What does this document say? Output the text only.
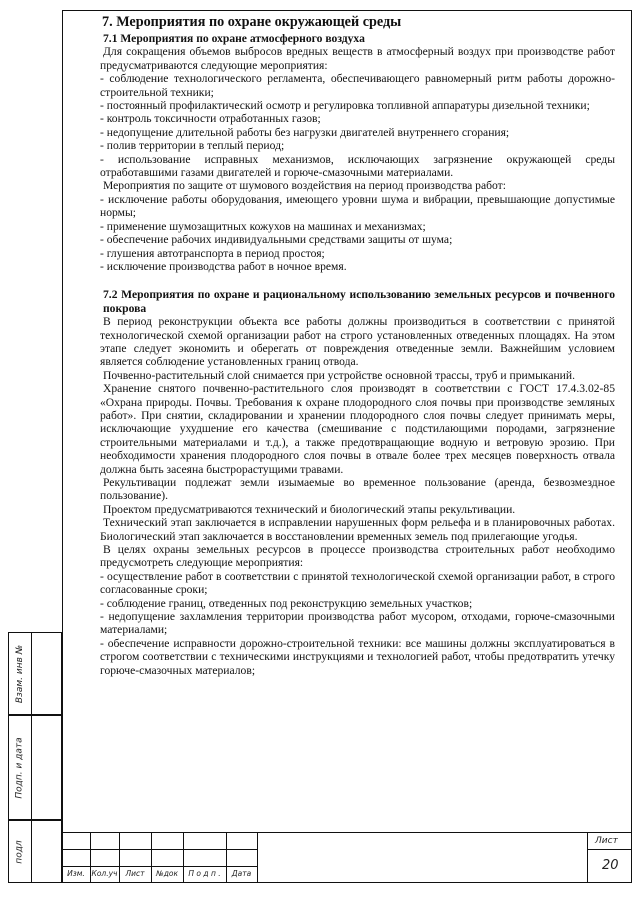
7. Мероприятия по охране окружающей среды
7.1 Мероприятия по охране атмосферного воздуха

Для сокращения объемов выбросов вредных веществ в атмосферный воздух при производстве работ предусматриваются следующие мероприятия:

- соблюдение технологического регламента, обеспечивающего равномерный ритм работы дорожно-строительной техники;

- постоянный профилактический осмотр и регулировка топливной аппаратуры дизельной техники;

- контроль токсичности отработанных газов;

- недопущение длительной работы без нагрузки двигателей внутреннего сгорания;

- полив территории в теплый период;

- использование исправных механизмов, исключающих загрязнение окружающей среды отработавшими газами двигателей и горюче-смазочными материалами.

Мероприятия по защите от шумового воздействия на период производства работ:

- исключение работы оборудования, имеющего уровни шума и вибрации, превышающие допустимые нормы;

- применение шумозащитных кожухов на машинах и механизмах;

- обеспечение рабочих индивидуальными средствами защиты от шума;

- глушения автотранспорта в период простоя;

- исключение производства работ в ночное время.

7.2 Мероприятия по охране и рациональному использованию земельных ресурсов и почвенного покрова

В период реконструкции объекта все работы должны производиться в соответствии с принятой технологической схемой организации работ на строго установленных отведенных площадях. На этом этапе следует экономить и оберегать от повреждения отведенные земли. Важнейшим условием является соблюдение установленных границ отвода.

Почвенно-растительный слой снимается при устройстве основной трассы, труб и примыканий.

Хранение снятого почвенно-растительного слоя производят в соответствии с ГОСТ 17.4.3.02-85 «Охрана природы. Почвы. Требования к охране плодородного слоя почвы при производстве земляных работ». При снятии, складировании и хранении плодородного слоя почвы следует принимать меры, исключающие ухудшение его качества (смешивание с подстилающими породами, загрязнение строительными материалами и т.д.), а также предотвращающие водную и ветровую эрозию. При необходимости хранения плодородного слоя почвы в отвале более трех месяцев поверхность отвала должна быть засеяна быстрорастущими травами.

Рекультивации подлежат земли изымаемые во временное пользование (аренда, безвозмездное пользование).

Проектом предусматриваются технический и биологический этапы рекультивации.

Технический этап заключается в исправлении нарушенных форм рельефа и в планировочных работах. Биологический этап заключается в восстановлении временных земель под прилегающие угодья.

В целях охраны земельных ресурсов в процессе производства строительных работ необходимо предусмотреть следующие мероприятия:

- осуществление работ в соответствии с принятой технологической схемой организации работ, в строго согласованные сроки;

- соблюдение границ, отведенных под реконструкцию земельных участков;

- недопущение захламления территории производства работ мусором, отходами, горюче-смазочными материалами;

- обеспечение исправности дорожно-строительной техники: все машины должны эксплуатироваться в строгом соответствии с техническими инструкциями и технологией работ, чтобы предотвратить утечку горюче-смазочных материалов;

Взам. инв №
Подп. и дата
подл
Изм. Кол.уч	Лист	№док	П о д п .	Дата
Лист
20
